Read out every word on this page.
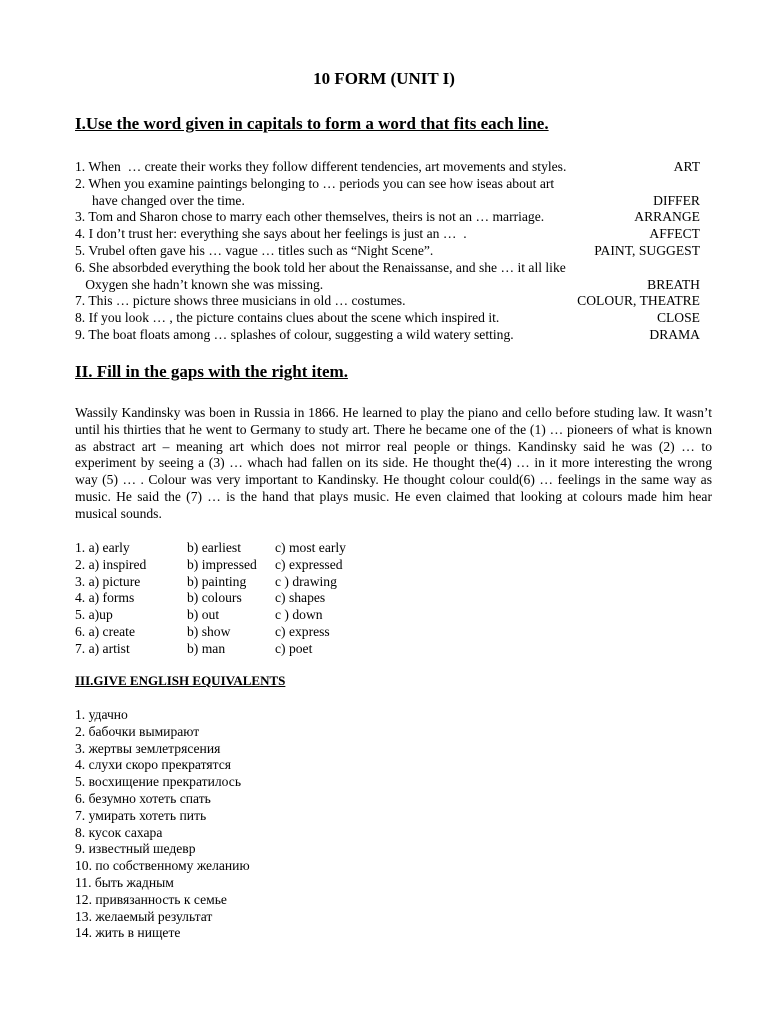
10 FORM (UNIT I)
I.Use the word given in capitals to form a word that fits each line.
1. When  … create their works they follow different tendencies, art movements and styles.	ART
2. When you examine paintings belonging to … periods you can see how iseas about art
have changed over the time.	DIFFER
3. Tom and Sharon chose to marry each other themselves, theirs is not an … marriage.	ARRANGE
4. I don’t trust her: everything she says about her feelings is just an …  .	AFFECT
5. Vrubel often gave his … vague … titles such as “Night Scene”.	PAINT, SUGGEST
6. She absorbded everything the book told her about the Renaissanse, and she … it all like
Oxygen she hadn’t known she was missing.	BREATH
7. This … picture shows three musicians in old … costumes.	COLOUR, THEATRE
8. If you look … , the picture contains clues about the scene which inspired it.	CLOSE
9. The boat floats among … splashes of colour, suggesting a wild watery setting.	DRAMA
II. Fill in the gaps with the right item.
Wassily Kandinsky was boen in Russia in 1866. He learned to play the piano and cello before studing law. It wasn’t until his thirties that he went to Germany to study art. There he became one of the (1) … pioneers of what is known as abstract art – meaning art which does not mirror real people or things. Kandinsky said he was (2) … to experiment by seeing a (3) … whach had fallen on its side. He thought the(4) … in it more interesting the wrong way (5) … . Colour was very important to Kandinsky. He thought colour could(6) … feelings in the same way as music. He said the (7) … is the hand that plays music. He even claimed that looking at colours made him hear musical sounds.
1. a) early	b) earliest	c) most early
2. a) inspired	b) impressed c) expressed
3. a) picture	b) painting c ) drawing
4. a) forms	b) colours c) shapes
5. a)up	b) out	c ) down
6. a) create	b) show	c) express
7. a) artist	b) man	c) poet
III.GIVE ENGLISH EQUIVALENTS
1. удачно
2. бабочки вымирают
3. жертвы землетрясения
4. слухи скоро прекратятся
5. восхищение прекратилось
6. безумно хотеть спать
7. умирать хотеть пить
8. кусок сахара
9. известный шедевр
10. по собственному желанию
11. быть жадным
12. привязанность к семье
13. желаемый результат
14. жить в нищете
